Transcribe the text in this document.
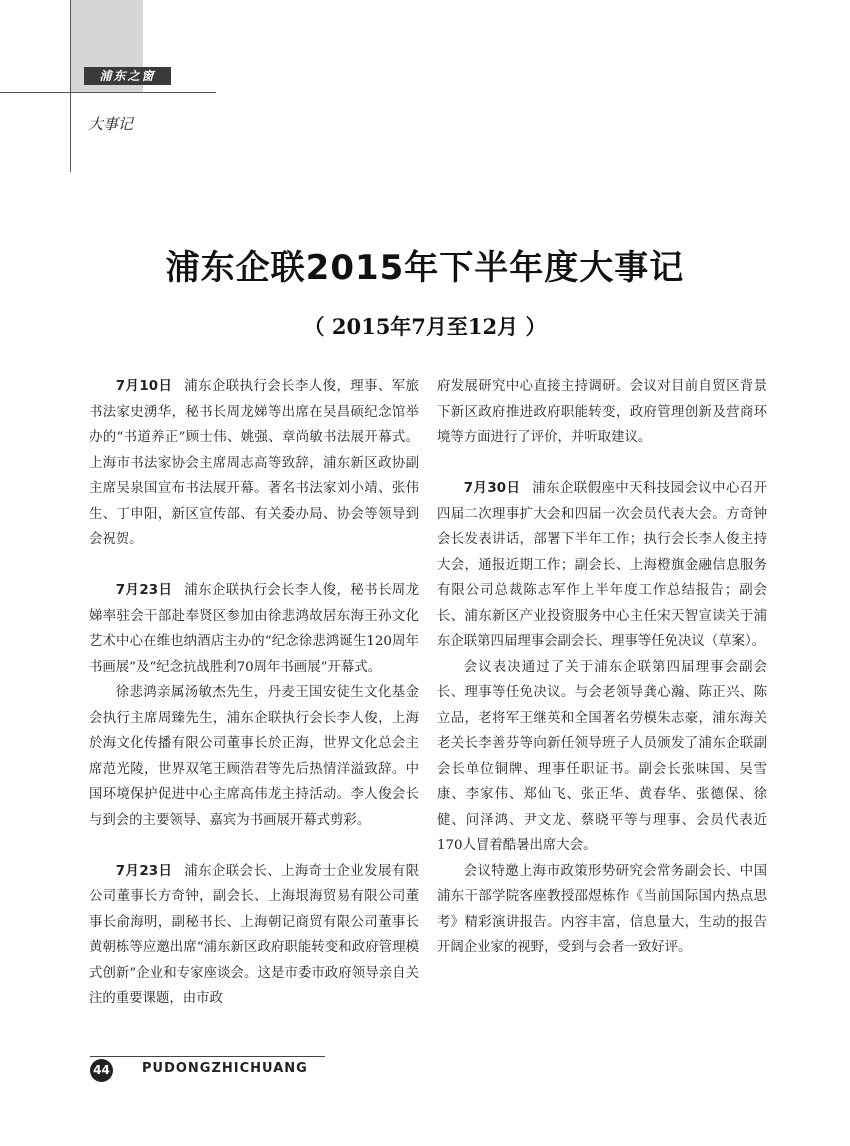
浦东之窗
大事记
浦东企联2015年下半年度大事记
（ 2015年7月至12月 ）

7月10日 浦东企联执行会长李人俊，理事、军旅书法家史湧华，秘书长周龙娣等出席在吴昌硕纪念馆举办的“书道养正”顾士伟、姚强、章尚敏书法展开幕式。上海市书法家协会主席周志高等致辞，浦东新区政协副主席吴泉国宣布书法展开幕。著名书法家刘小靖、张伟生、丁申阳，新区宣传部、有关委办局、协会等领导到会祝贺。

7月23日 浦东企联执行会长李人俊，秘书长周龙娣率驻会干部赴奉贤区参加由徐悲鸿故居东海王孙文化艺术中心在维也纳酒店主办的“纪念徐悲鸿诞生120周年书画展”及“纪念抗战胜利70周年书画展”开幕式。

徐悲鸿亲属汤敏杰先生，丹麦王国安徒生文化基金会执行主席周臻先生，浦东企联执行会长李人俊，上海於海文化传播有限公司董事长於正海，世界文化总会主席范光陵，世界双笔王顾浩君等先后热情洋溢致辞。中国环境保护促进中心主席高伟龙主持活动。李人俊会长与到会的主要领导、嘉宾为书画展开幕式剪彩。

7月23日 浦东企联会长、上海奇士企业发展有限公司董事长方奇钟，副会长、上海垠海贸易有限公司董事长俞海明，副秘书长、上海朝记商贸有限公司董事长黄朝栋等应邀出席“浦东新区政府职能转变和政府管理模式创新”企业和专家座谈会。这是市委市政府领导亲自关注的重要课题，由市政

府发展研究中心直接主持调研。会议对目前自贸区背景下新区政府推进政府职能转变，政府管理创新及营商环境等方面进行了评价，并听取建议。

7月30日 浦东企联假座中天科技园会议中心召开四届二次理事扩大会和四届一次会员代表大会。方奇钟会长发表讲话，部署下半年工作；执行会长李人俊主持大会，通报近期工作；副会长、上海橙旗金融信息服务有限公司总裁陈志军作上半年度工作总结报告；副会长、浦东新区产业投资服务中心主任宋天智宣读关于浦东企联第四届理事会副会长、理事等任免决议（草案）。

会议表决通过了关于浦东企联第四届理事会副会长、理事等任免决议。与会老领导龚心瀚、陈正兴、陈立品，老将军王继英和全国著名劳模朱志豪，浦东海关老关长李善芬等向新任领导班子人员颁发了浦东企联副会长单位铜牌、理事任职证书。副会长张味国、吴雪康、李家伟、郑仙飞、张正华、黄春华、张德保、徐健、问泽鸿、尹文龙、蔡晓平等与理事、会员代表近170人冒着酷暑出席大会。

会议特邀上海市政策形势研究会常务副会长、中国浦东干部学院客座教授邵煜栋作《当前国际国内热点思考》精彩演讲报告。内容丰富，信息量大，生动的报告开阔企业家的视野，受到与会者一致好评。

44 PUDONGZHICHUANG
